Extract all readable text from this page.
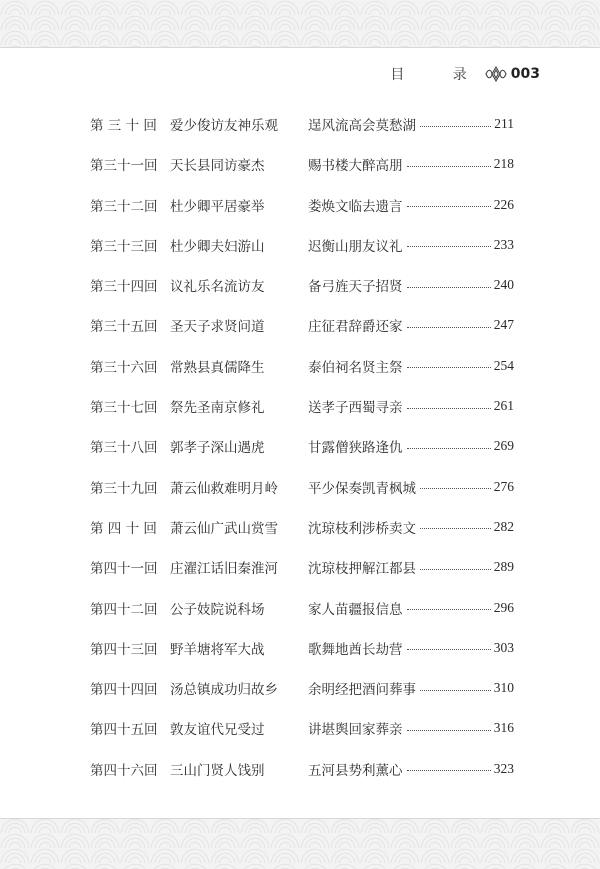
目 录 003
第 三 十 回 爱少俊访友神乐观	逞风流高会莫愁湖	211
第三十一回 天长县同访豪杰	赐书楼大醉高朋	218
第三十二回 杜少卿平居豪举	娄焕文临去遗言	226
第三十三回 杜少卿夫妇游山	迟衡山朋友议礼	233
第三十四回 议礼乐名流访友	备弓旌天子招贤	240
第三十五回 圣天子求贤问道	庄征君辞爵还家	247
第三十六回 常熟县真儒降生	泰伯祠名贤主祭	254
第三十七回 祭先圣南京修礼	送孝子西蜀寻亲	261
第三十八回 郭孝子深山遇虎	甘露僧狭路逢仇	269
第三十九回 萧云仙救难明月岭	平少保奏凯青枫城	276
第 四 十 回 萧云仙广武山赏雪	沈琼枝利涉桥卖文	282
第四十一回 庄濯江话旧秦淮河	沈琼枝押解江都县	289
第四十二回 公子妓院说科场	家人苗疆报信息	296
第四十三回 野羊塘将军大战	歌舞地酋长劫营	303
第四十四回 汤总镇成功归故乡	余明经把酒问葬事	310
第四十五回 敦友谊代兄受过	讲堪舆回家葬亲	316
第四十六回 三山门贤人饯别	五河县势利薰心	323
